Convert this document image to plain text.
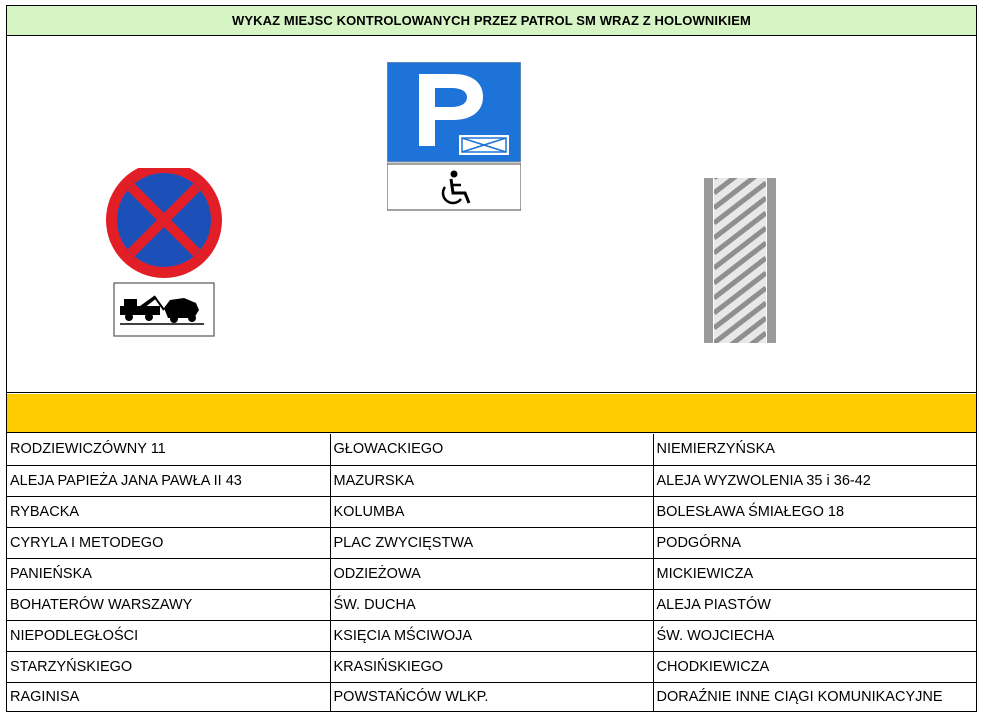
WYKAZ MIEJSC KONTROLOWANYCH PRZEZ PATROL SM WRAZ Z HOLOWNIKIEM
RODZIEWICZÓWNY 11	GŁOWACKIEGO	NIEMIERZYŃSKA
ALEJA PAPIEŻA JANA PAWŁA II 43	MAZURSKA	ALEJA WYZWOLENIA 35 i 36-42
RYBACKA	KOLUMBA	BOLESŁAWA ŚMIAŁEGO 18
CYRYLA I METODEGO	PLAC ZWYCIĘSTWA	PODGÓRNA
PANIEŃSKA	ODZIEŻOWA	MICKIEWICZA
BOHATERÓW WARSZAWY	ŚW. DUCHA	ALEJA PIASTÓW
NIEPODLEGŁOŚCI	KSIĘCIA MŚCIWOJA	ŚW. WOJCIECHA
STARZYŃSKIEGO	KRASIŃSKIEGO	CHODKIEWICZA
RAGINISA	POWSTAŃCÓW WLKP.	DORAŹNIE INNE CIĄGI KOMUNIKACYJNE
